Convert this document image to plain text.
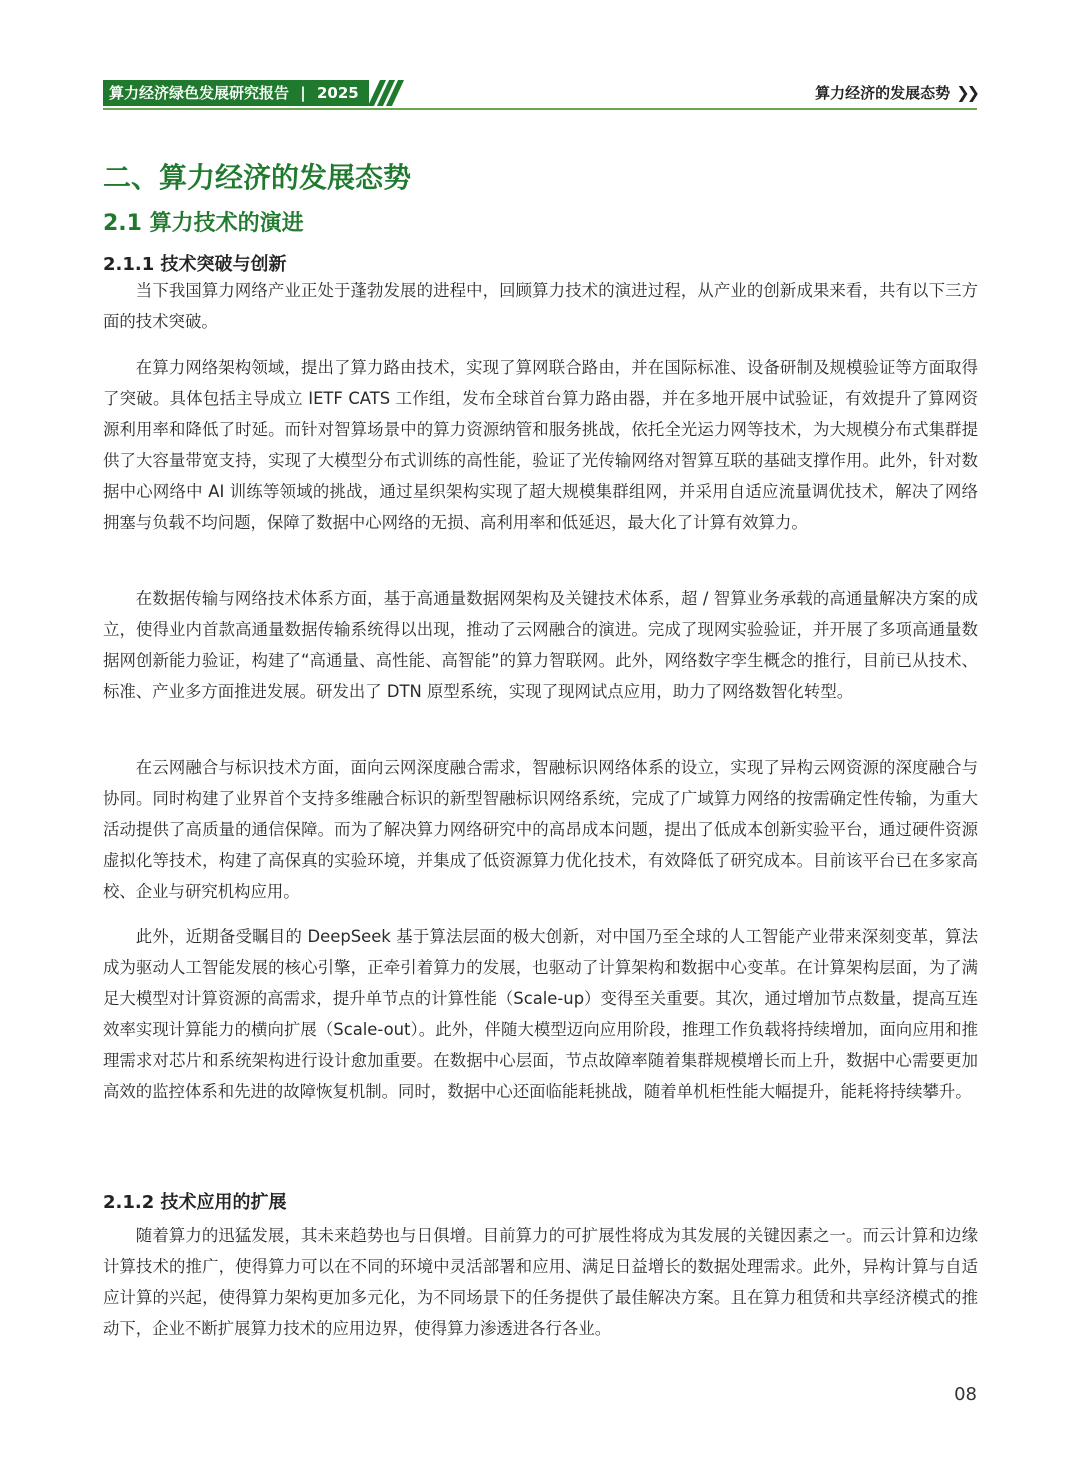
算力经济绿色发展研究报告 | 2025	算力经济的发展态势 ❯❯
二、算力经济的发展态势
2.1 算力技术的演进
2.1.1 技术突破与创新

当下我国算力网络产业正处于蓬勃发展的进程中，回顾算力技术的演进过程，从产业的创新成果来看，共有以下三方面的技术突破。

在算力网络架构领域，提出了算力路由技术，实现了算网联合路由，并在国际标准、设备研制及规模验证等方面取得了突破。具体包括主导成立 IETF CATS 工作组，发布全球首台算力路由器，并在多地开展中试验证，有效提升了算网资源利用率和降低了时延。而针对智算场景中的算力资源纳管和服务挑战，依托全光运力网等技术，为大规模分布式集群提供了大容量带宽支持，实现了大模型分布式训练的高性能，验证了光传输网络对智算互联的基础支撑作用。此外，针对数据中心网络中 AI 训练等领域的挑战，通过星织架构实现了超大规模集群组网，并采用自适应流量调优技术，解决了网络拥塞与负载不均问题，保障了数据中心网络的无损、高利用率和低延迟，最大化了计算有效算力。

在数据传输与网络技术体系方面，基于高通量数据网架构及关键技术体系，超 / 智算业务承载的高通量解决方案的成立，使得业内首款高通量数据传输系统得以出现，推动了云网融合的演进。完成了现网实验验证，并开展了多项高通量数据网创新能力验证，构建了“高通量、高性能、高智能”的算力智联网。此外，网络数字孪生概念的推行，目前已从技术、标准、产业多方面推进发展。研发出了 DTN 原型系统，实现了现网试点应用，助力了网络数智化转型。

在云网融合与标识技术方面，面向云网深度融合需求，智融标识网络体系的设立，实现了异构云网资源的深度融合与协同。同时构建了业界首个支持多维融合标识的新型智融标识网络系统，完成了广域算力网络的按需确定性传输，为重大活动提供了高质量的通信保障。而为了解决算力网络研究中的高昂成本问题，提出了低成本创新实验平台，通过硬件资源虚拟化等技术，构建了高保真的实验环境，并集成了低资源算力优化技术，有效降低了研究成本。目前该平台已在多家高校、企业与研究机构应用。

此外，近期备受瞩目的 DeepSeek 基于算法层面的极大创新，对中国乃至全球的人工智能产业带来深刻变革，算法成为驱动人工智能发展的核心引擎，正牵引着算力的发展，也驱动了计算架构和数据中心变革。在计算架构层面，为了满足大模型对计算资源的高需求，提升单节点的计算性能（Scale-up）变得至关重要。其次，通过增加节点数量，提高互连效率实现计算能力的横向扩展（Scale-out）。此外，伴随大模型迈向应用阶段，推理工作负载将持续增加，面向应用和推理需求对芯片和系统架构进行设计愈加重要。在数据中心层面，节点故障率随着集群规模增长而上升，数据中心需要更加高效的监控体系和先进的故障恢复机制。同时，数据中心还面临能耗挑战，随着单机柜性能大幅提升，能耗将持续攀升。

2.1.2 技术应用的扩展

随着算力的迅猛发展，其未来趋势也与日俱增。目前算力的可扩展性将成为其发展的关键因素之一。而云计算和边缘计算技术的推广，使得算力可以在不同的环境中灵活部署和应用、满足日益增长的数据处理需求。此外，异构计算与自适应计算的兴起，使得算力架构更加多元化，为不同场景下的任务提供了最佳解决方案。且在算力租赁和共享经济模式的推动下，企业不断扩展算力技术的应用边界，使得算力渗透进各行各业。

08
